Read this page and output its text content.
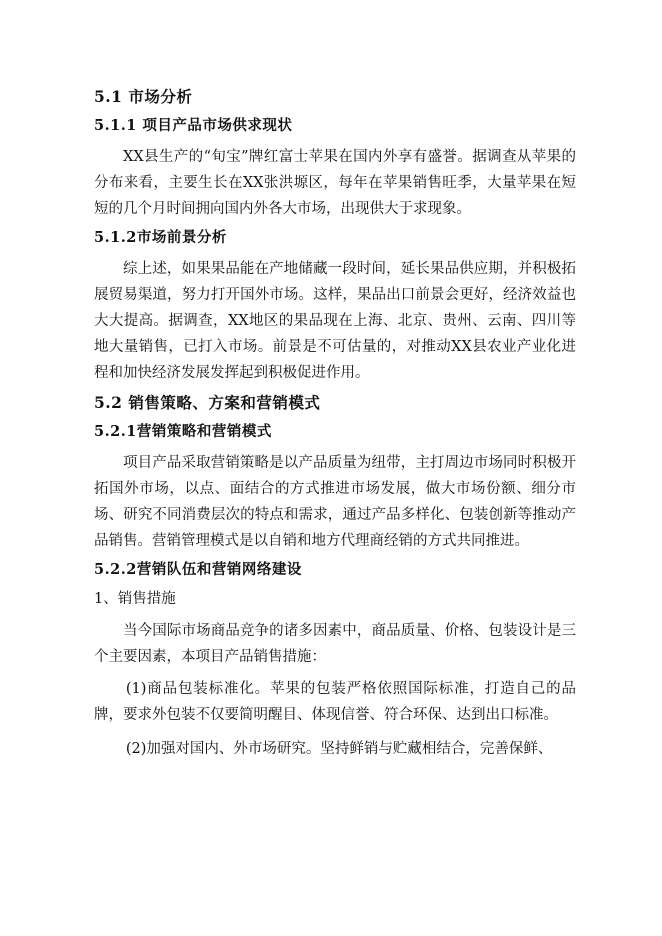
5.1 市场分析
5.1.1 项目产品市场供求现状
XX县生产的“旬宝”牌红富士苹果在国内外享有盛誉。据调查从苹果的分布来看，主要生长在XX张洪塬区，每年在苹果销售旺季，大量苹果在短短的几个月时间拥向国内外各大市场，出现供大于求现象。
5.1.2市场前景分析
综上述，如果果品能在产地储藏一段时间，延长果品供应期，并积极拓展贸易渠道，努力打开国外市场。这样，果品出口前景会更好，经济效益也大大提高。据调查，XX地区的果品现在上海、北京、贵州、云南、四川等地大量销售，已打入市场。前景是不可估量的，对推动XX县农业产业化进程和加快经济发展发挥起到积极促进作用。
5.2 销售策略、方案和营销模式
5.2.1营销策略和营销模式
项目产品采取营销策略是以产品质量为纽带，主打周边市场同时积极开拓国外市场，以点、面结合的方式推进市场发展，做大市场份额、细分市场、研究不同消费层次的特点和需求，通过产品多样化、包装创新等推动产品销售。营销管理模式是以自销和地方代理商经销的方式共同推进。
5.2.2营销队伍和营销网络建设
1、销售措施
当今国际市场商品竞争的诸多因素中，商品质量、价格、包装设计是三个主要因素，本项目产品销售措施：
(1)商品包装标准化。苹果的包装严格依照国际标准，打造自己的品牌，要求外包装不仅要简明醒目、体现信誉、符合环保、达到出口标准。
(2)加强对国内、外市场研究。坚持鲜销与贮藏相结合，完善保鲜、
